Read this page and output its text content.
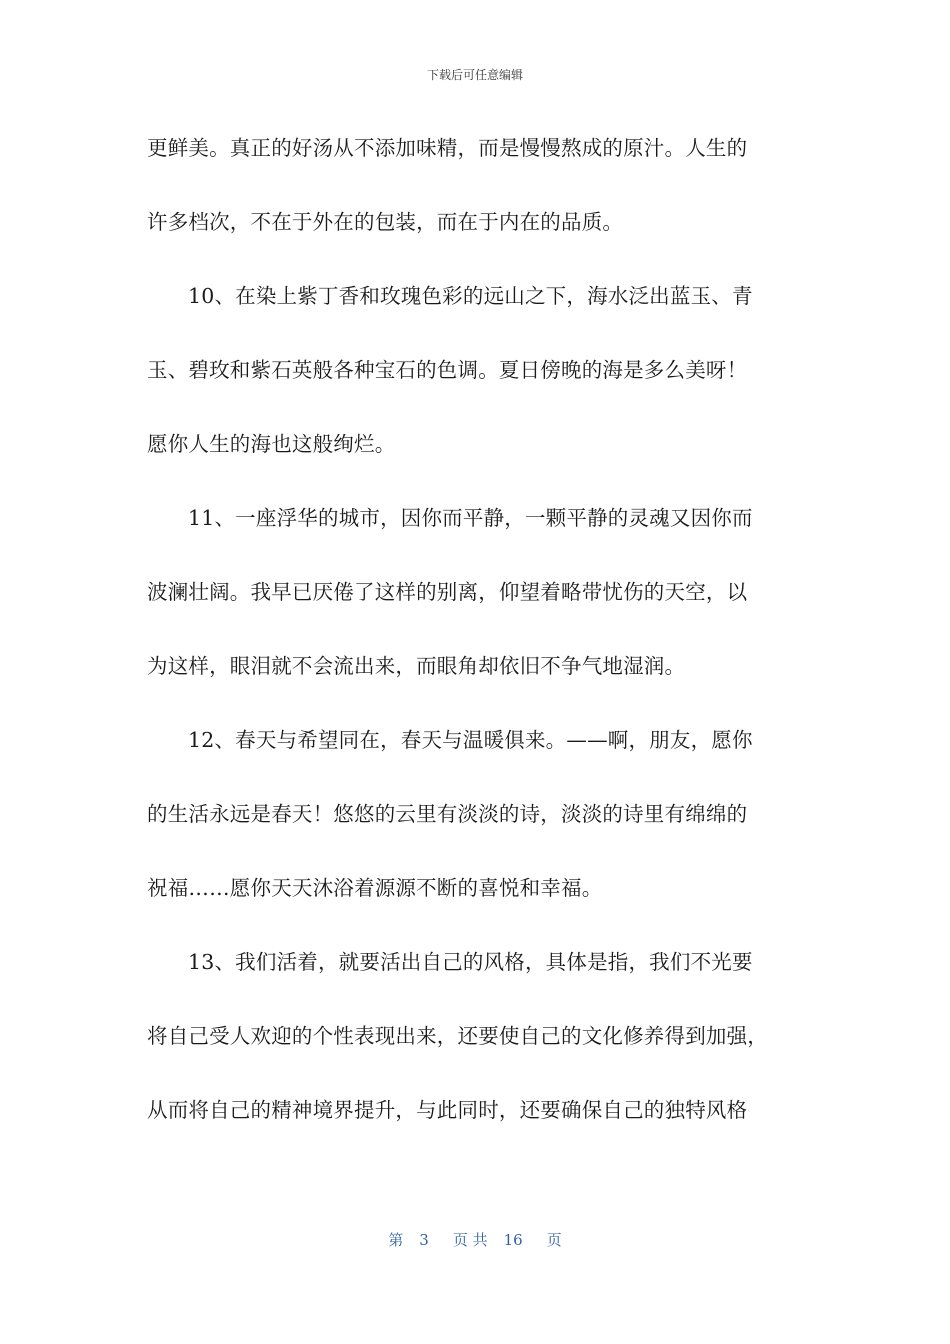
下载后可任意编辑
更鲜美。真正的好汤从不添加味精，而是慢慢熬成的原汁。人生的
许多档次，不在于外在的包装，而在于内在的品质。
10、在染上紫丁香和玫瑰色彩的远山之下，海水泛出蓝玉、青
玉、碧玫和紫石英般各种宝石的色调。夏日傍晚的海是多么美呀！
愿你人生的海也这般绚烂。
11、一座浮华的城市，因你而平静，一颗平静的灵魂又因你而
波澜壮阔。我早已厌倦了这样的别离，仰望着略带忧伤的天空，以
为这样，眼泪就不会流出来，而眼角却依旧不争气地湿润。
12、春天与希望同在，春天与温暖俱来。——啊，朋友，愿你
的生活永远是春天！悠悠的云里有淡淡的诗，淡淡的诗里有绵绵的
祝福……愿你天天沐浴着源源不断的喜悦和幸福。
13、我们活着，就要活出自己的风格，具体是指，我们不光要
将自己受人欢迎的个性表现出来，还要使自己的文化修养得到加强，
从而将自己的精神境界提升，与此同时，还要确保自己的独特风格
第 3 页 共 16 页
